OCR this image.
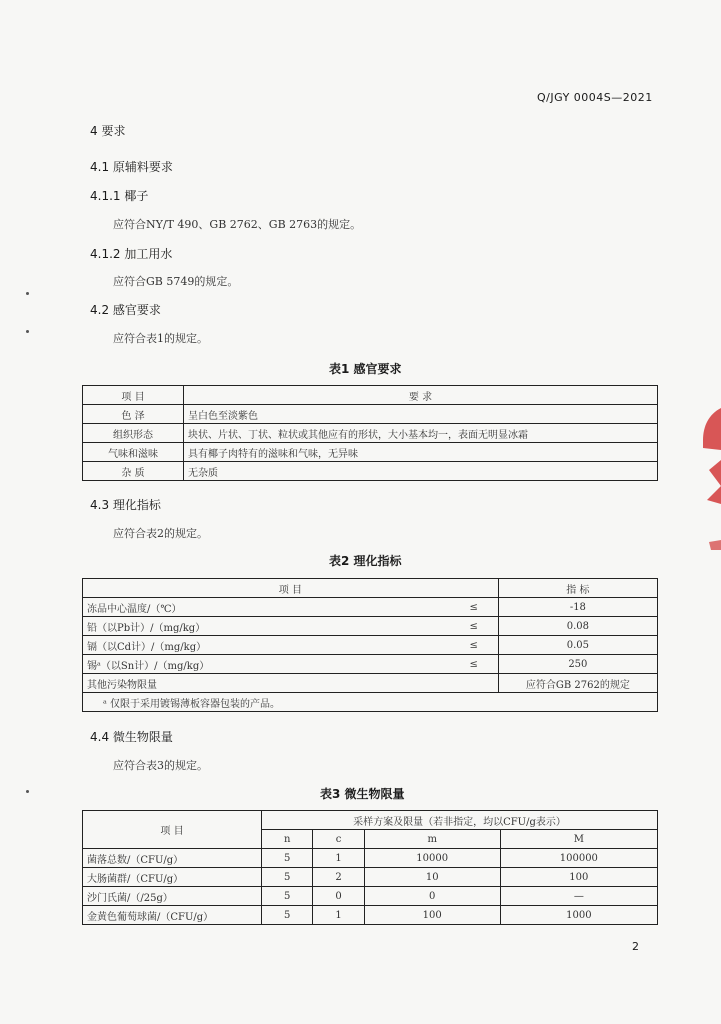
Q/JGY 0004S—2021
4 要求
4.1 原辅料要求
4.1.1 椰子
应符合NY/T 490、GB 2762、GB 2763的规定。
4.1.2 加工用水
应符合GB 5749的规定。
4.2 感官要求
应符合表1的规定。
表1 感官要求
项 目	要 求
色 泽	呈白色至淡紫色
组织形态	块状、片状、丁状、粒状或其他应有的形状，大小基本均一，表面无明显冰霜
气味和滋味	具有椰子肉特有的滋味和气味，无异味
杂 质	无杂质
4.3 理化指标
应符合表2的规定。
表2 理化指标
项 目		指 标
冻品中心温度/（℃）	≤	-18
铅（以Pb计）/（mg/kg）	≤	0.08
镉（以Cd计）/（mg/kg）	≤	0.05
锡ᵃ（以Sn计）/（mg/kg）	≤	250
其他污染物限量		应符合GB 2762的规定
ᵃ 仅限于采用镀锡薄板容器包装的产品。		
4.4 微生物限量
应符合表3的规定。
表3 微生物限量
项 目	采样方案及限量（若非指定，均以CFU/g表示）			
	n	c	m	M
菌落总数/（CFU/g）	5	1	10000	100000
大肠菌群/（CFU/g）	5	2	10	100
沙门氏菌/（/25g）	5	0	0	—
金黄色葡萄球菌/（CFU/g）	5	1	100	1000
2
